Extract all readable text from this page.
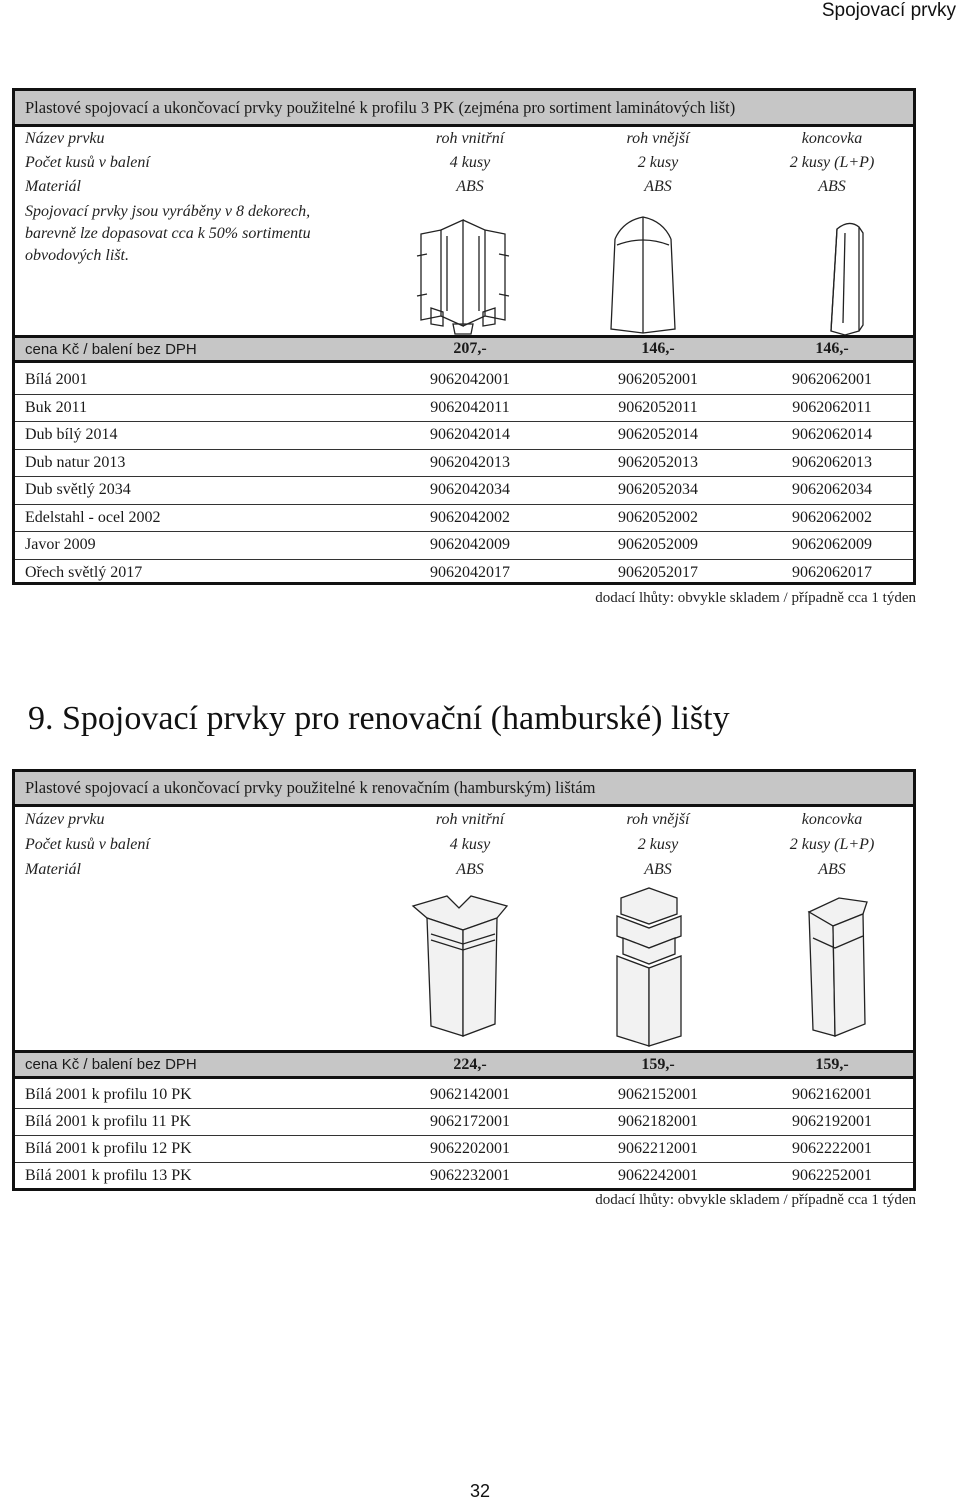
Spojovací prvky
Plastové spojovací a ukončovací prvky použitelné k profilu 3 PK (zejména pro sortiment laminátových lišt)
Název prvku	roh vnitřní	roh vnější	koncovka
Počet kusů v balení	4 kusy	2 kusy	2 kusy (L+P)
Materiál	ABS	ABS	ABS
Spojovací prvky jsou vyráběny v 8 dekorech,
barevně lze dopasovat cca k 50% sortimentu
obvodových lišt.
cena Kč / balení bez DPH	207,-	146,-	146,-
Bílá 2001	9062042001	9062052001	9062062001
Buk 2011	9062042011	9062052011	9062062011
Dub bílý 2014	9062042014	9062052014	9062062014
Dub natur 2013	9062042013	9062052013	9062062013
Dub světlý 2034	9062042034	9062052034	9062062034
Edelstahl - ocel 2002	9062042002	9062052002	9062062002
Javor 2009	9062042009	9062052009	9062062009
Ořech světlý 2017	9062042017	9062052017	9062062017
dodací lhůty: obvykle skladem / případně cca 1 týden
9. Spojovací prvky pro renovační (hamburské) lišty
Plastové spojovací a ukončovací prvky použitelné k renovačním (hamburským) lištám
Název prvku	roh vnitřní	roh vnější	koncovka
Počet kusů v balení	4 kusy	2 kusy	2 kusy (L+P)
Materiál	ABS	ABS	ABS
cena Kč / balení bez DPH	224,-	159,-	159,-
Bílá 2001 k profilu 10 PK	9062142001	9062152001	9062162001
Bílá 2001 k profilu 11 PK	9062172001	9062182001	9062192001
Bílá 2001 k profilu 12 PK	9062202001	9062212001	9062222001
Bílá 2001 k profilu 13 PK	9062232001	9062242001	9062252001
dodací lhůty: obvykle skladem / případně cca 1 týden
32
